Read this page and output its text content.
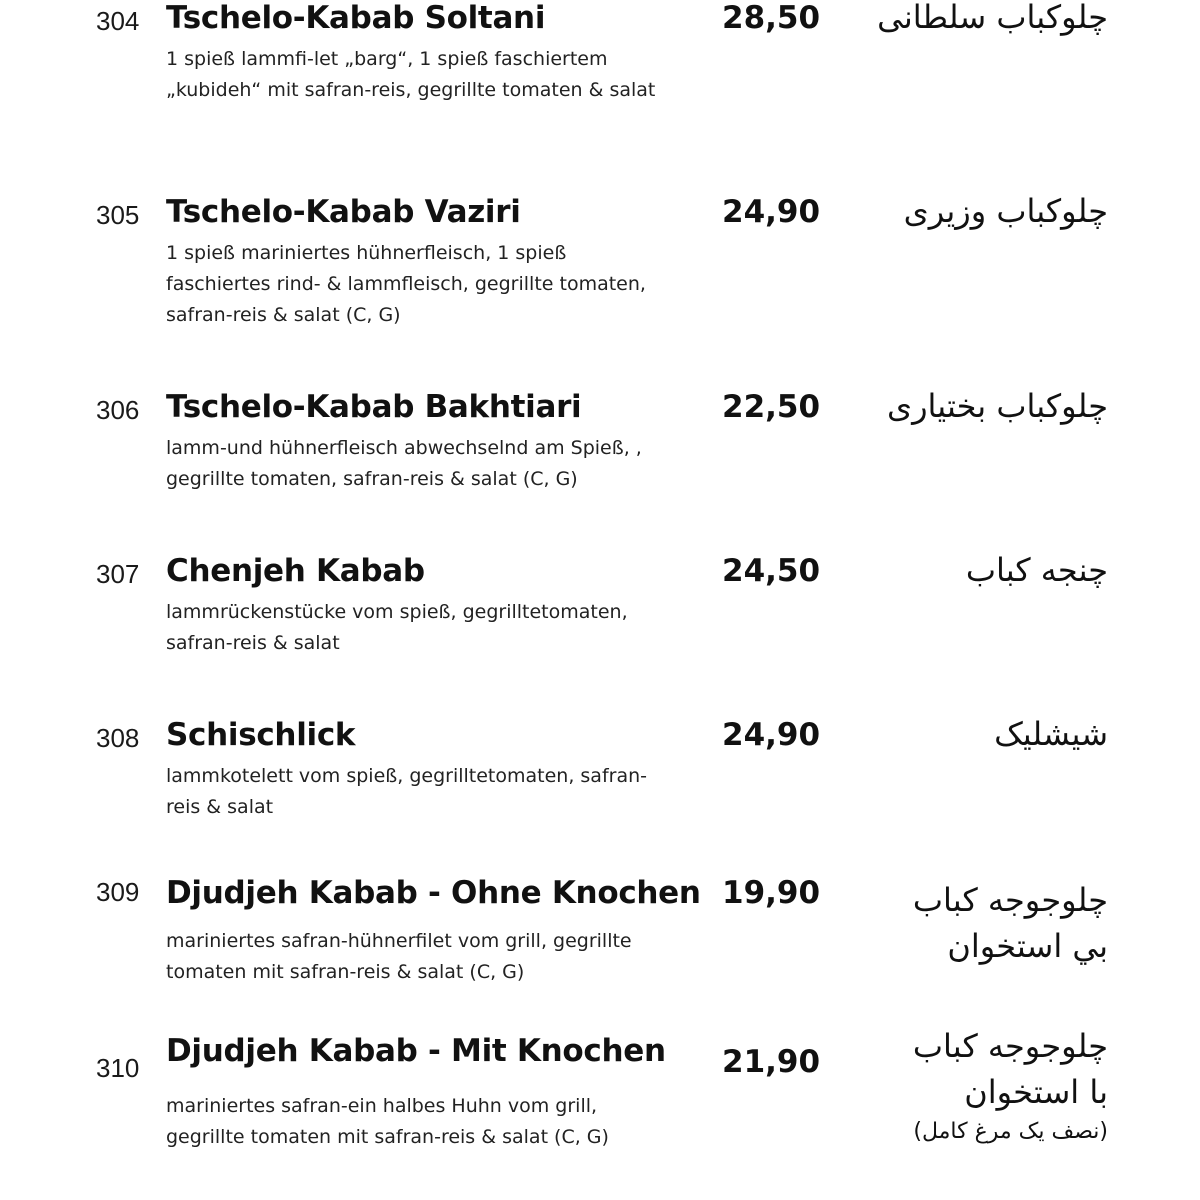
304 Tschelo-Kabab Soltani	28,50
1 spieß lammfi-let „barg“, 1 spieß faschiertem
„kubideh“ mit safran-reis, gegrillte tomaten & salat
چلوکباب سلطانی
305 Tschelo-Kabab Vaziri	24,90
1 spieß mariniertes hühnerfleisch, 1 spieß
faschiertes rind- & lammfleisch, gegrillte tomaten,
safran-reis & salat (C, G)
چلوکباب وزیری
306 Tschelo-Kabab Bakhtiari	22,50
lamm-und hühnerfleisch abwechselnd am Spieß, ,
gegrillte tomaten, safran-reis & salat (C, G)
چلوکباب بختیاری
307 Chenjeh Kabab	24,50
lammrückenstücke vom spieß, gegrilltetomaten,
safran-reis & salat
چنجه کباب
308 Schischlick	24,90
lammkotelett vom spieß, gegrilltetomaten, safran-
reis & salat
شیشلیک
309 Djudjeh Kabab - Ohne Knochen 19,90
mariniertes safran-hühnerfilet vom grill, gegrillte
tomaten mit safran-reis & salat (C, G)
چلوجوجه کباب
بي استخوان
310 Djudjeh Kabab - Mit Knochen 21,90
mariniertes safran-ein halbes Huhn vom grill,
gegrillte tomaten mit safran-reis & salat (C, G)
چلوجوجه کباب
با استخوان
(نصف یک مرغ کامل)
